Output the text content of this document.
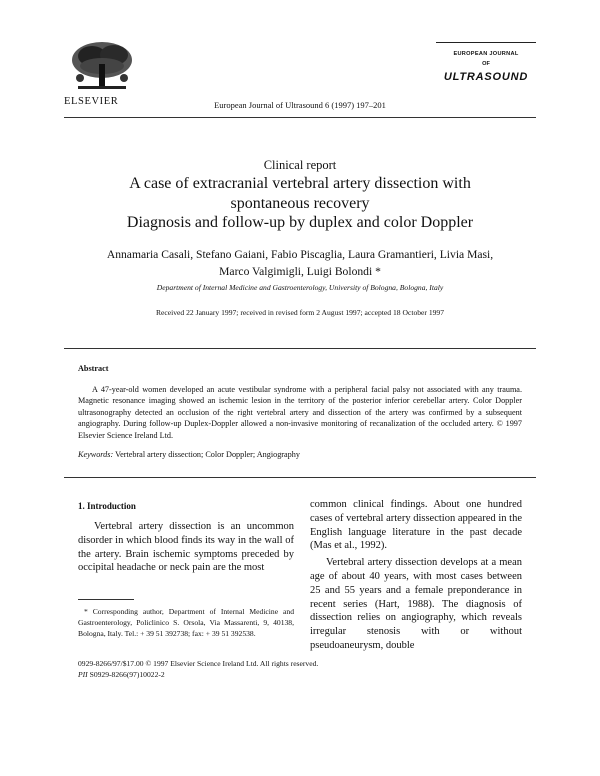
ELSEVIER	European Journal of Ultrasound 6 (1997) 197–201
EUROPEAN JOURNAL
OF
ULTRASOUND
Clinical report
A case of extracranial vertebral artery dissection with
spontaneous recovery
Diagnosis and follow-up by duplex and color Doppler
Annamaria Casali, Stefano Gaiani, Fabio Piscaglia, Laura Gramantieri, Livia Masi,
Marco Valgimigli, Luigi Bolondi *
Department of Internal Medicine and Gastroenterology, University of Bologna, Bologna, Italy
Received 22 January 1997; received in revised form 2 August 1997; accepted 18 October 1997
Abstract
A 47-year-old women developed an acute vestibular syndrome with a peripheral facial palsy not associated with any trauma. Magnetic resonance imaging showed an ischemic lesion in the territory of the posterior inferior cerebellar artery. Color Doppler ultrasonography detected an occlusion of the right vertebral artery and dissection of the artery was confirmed by a subsequent angiography. During follow-up Duplex-Doppler allowed a non-invasive monitoring of recanalization of the occluded artery. © 1997 Elsevier Science Ireland Ltd.
Keywords: Vertebral artery dissection; Color Doppler; Angiography
1. Introduction

Vertebral artery dissection is an uncommon disorder in which blood finds its way in the wall of the artery. Brain ischemic symptoms preceded by occipital headache or neck pain are the most

common clinical findings. About one hundred cases of vertebral artery dissection appeared in the English language literature in the past decade (Mas et al., 1992).

Vertebral artery dissection develops at a mean age of about 40 years, with most cases between 25 and 55 years and a female preponderance in recent series (Hart, 1988). The diagnosis of dissection relies on angiography, which reveals irregular stenosis with or without pseudoaneurysm, double

* Corresponding author, Department of Internal Medicine and Gastroenterology, Policlinico S. Orsola, Via Massarenti, 9, 40138, Bologna, Italy. Tel.: + 39 51 392738; fax: + 39 51 392538.
0929-8266/97/$17.00 © 1997 Elsevier Science Ireland Ltd. All rights reserved.
PII S0929-8266(97)10022-2
